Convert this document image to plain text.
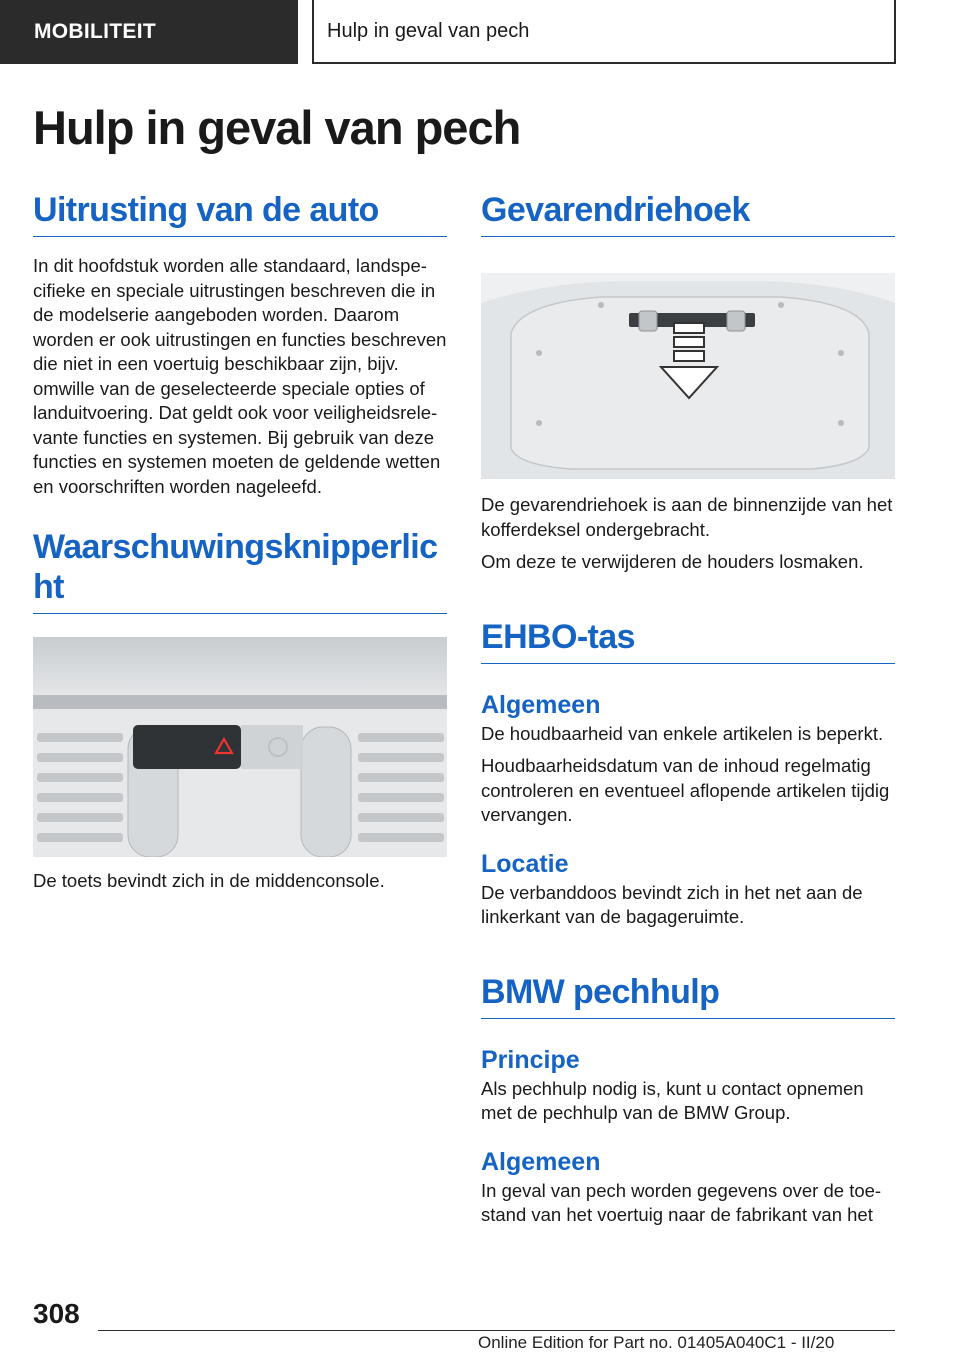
MOBILITEIT	Hulp in geval van pech
Hulp in geval van pech
Uitrusting van de auto

In dit hoofdstuk worden alle standaard, landspecifieke en speciale uitrustingen beschreven die in de modelserie aangeboden worden. Daarom worden er ook uitrustingen en functies beschreven die niet in een voertuig beschikbaar zijn, bijv. omwille van de geselecteerde speciale opties of landuitvoering. Dat geldt ook voor veiligheidsrelevante functies en systemen. Bij gebruik van deze functies en systemen moeten de geldende wetten en voorschriften worden nageleefd.

Waarschuwingsknipperlicht

De toets bevindt zich in de middenconsole.

Gevarendriehoek

De gevarendriehoek is aan de binnenzijde van het kofferdeksel ondergebracht.

Om deze te verwijderen de houders losmaken.

EHBO-tas
Algemeen

De houdbaarheid van enkele artikelen is beperkt.

Houdbaarheidsdatum van de inhoud regelmatig controleren en eventueel aflopende artikelen tijdig vervangen.

Locatie

De verbanddoos bevindt zich in het net aan de linkerkant van de bagageruimte.

BMW pechhulp
Principe

Als pechhulp nodig is, kunt u contact opnemen met de pechhulp van de BMW Group.

Algemeen

In geval van pech worden gegevens over de toestand van het voertuig naar de fabrikant van het

308
Online Edition for Part no. 01405A040C1 - II/20
